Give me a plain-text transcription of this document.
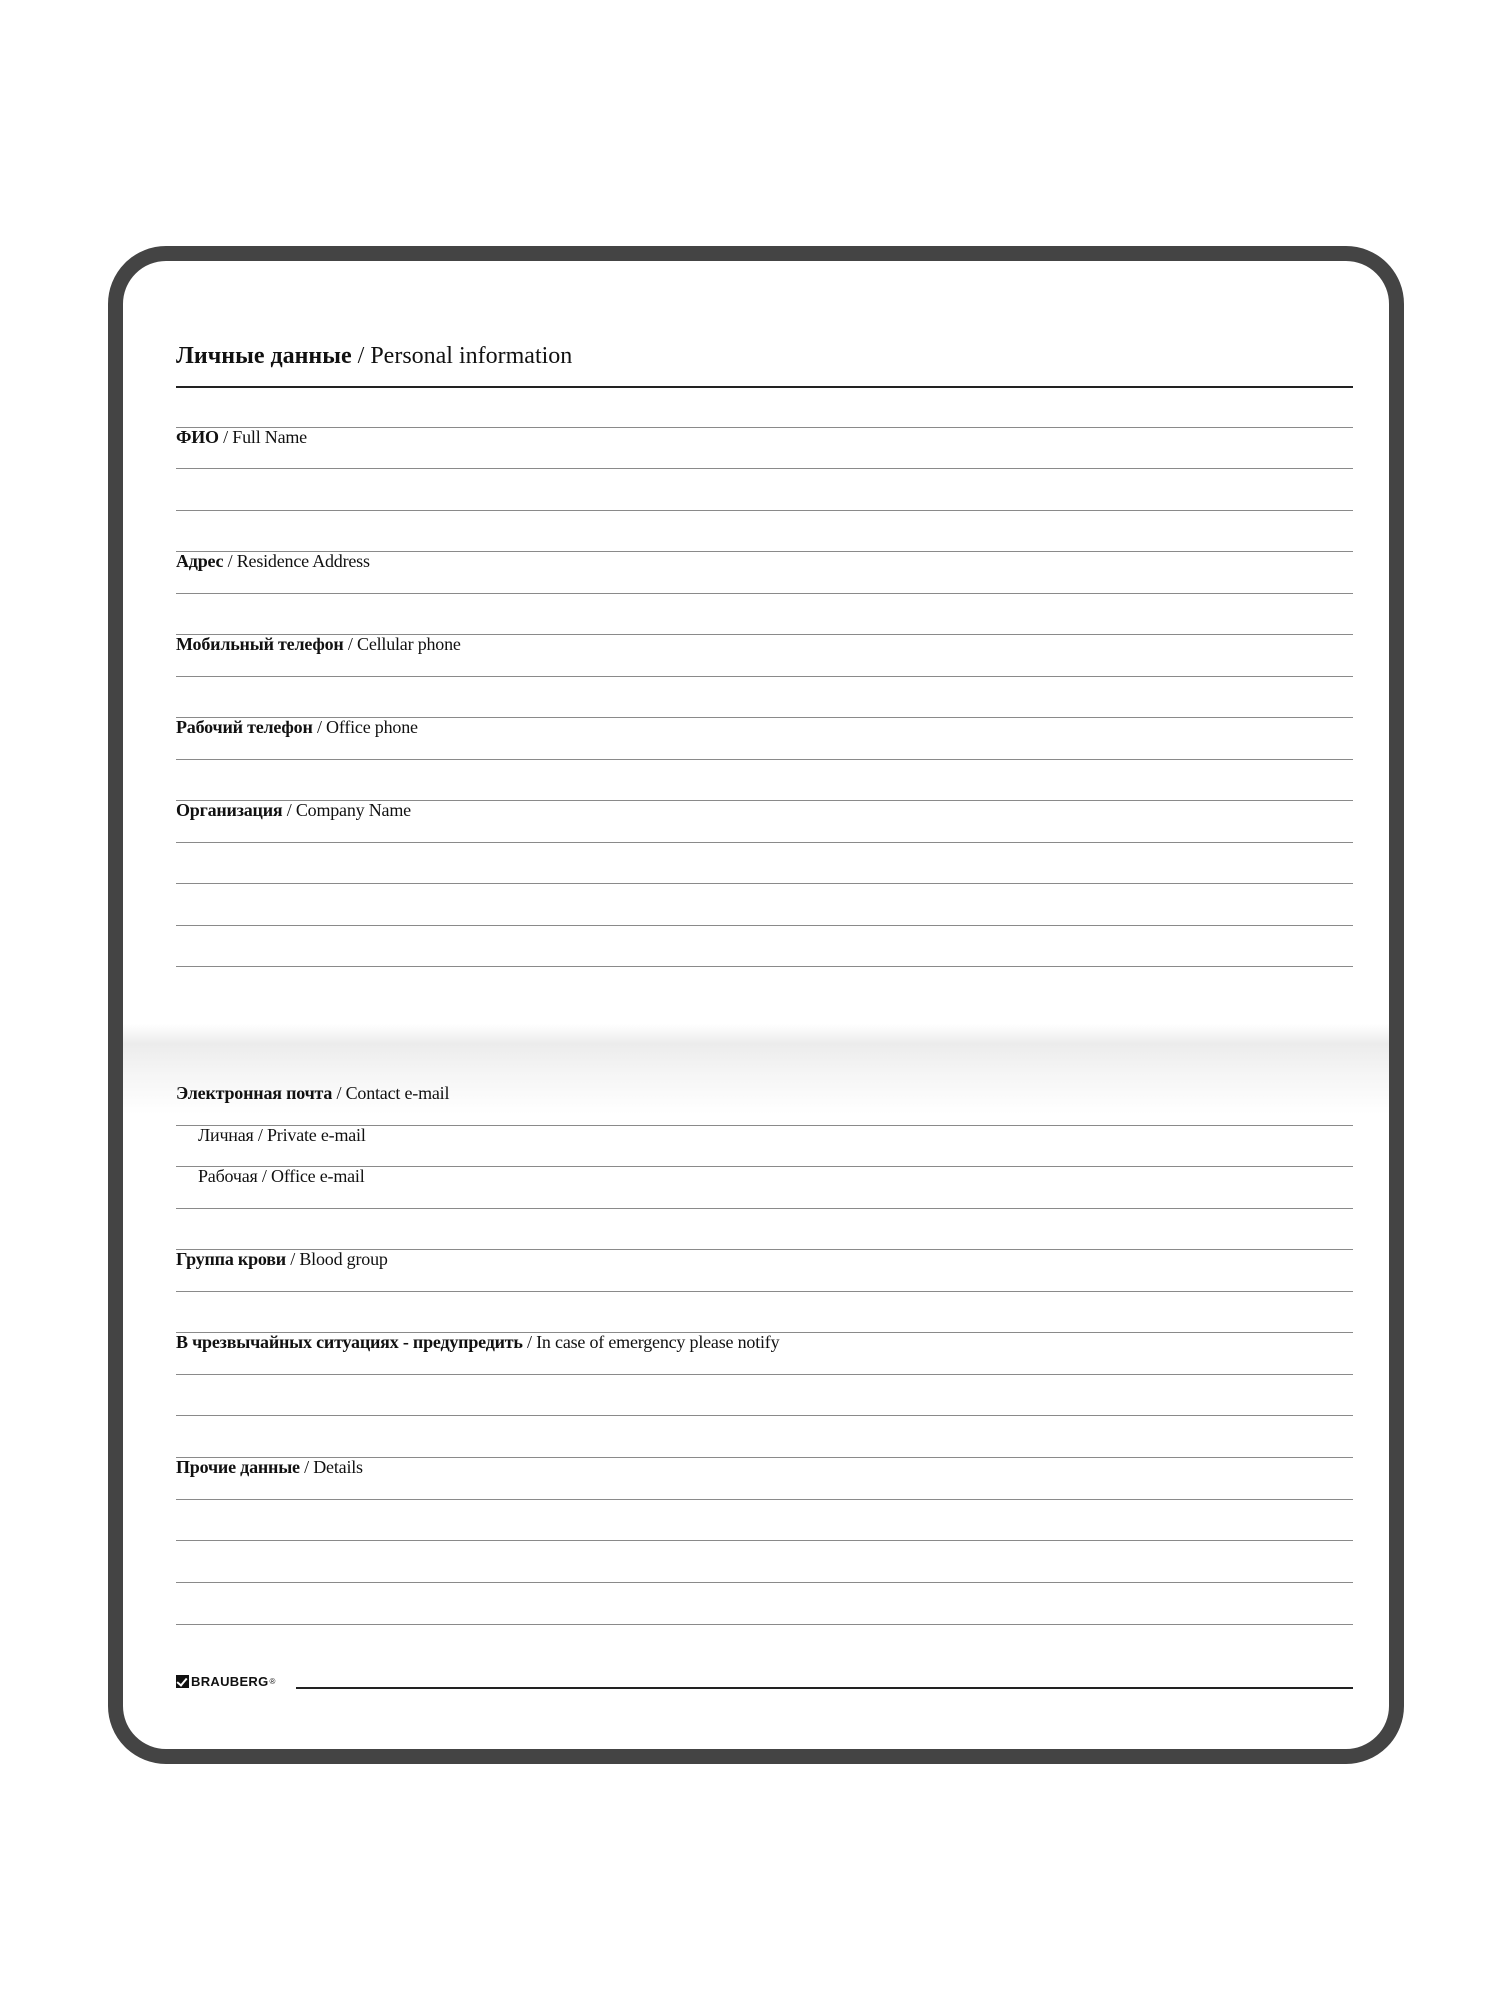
Личные данные / Personal information
ФИО / Full Name
Адрес / Residence Address
Мобильный телефон / Cellular phone
Рабочий телефон / Office phone
Организация / Company Name
Электронная почта / Contact e-mail
Личная / Private e-mail
Рабочая / Office e-mail
Группа крови / Blood group
В чрезвычайных ситуациях - предупредить / In case of emergency please notify
Прочие данные / Details
BRAUBERG ®
